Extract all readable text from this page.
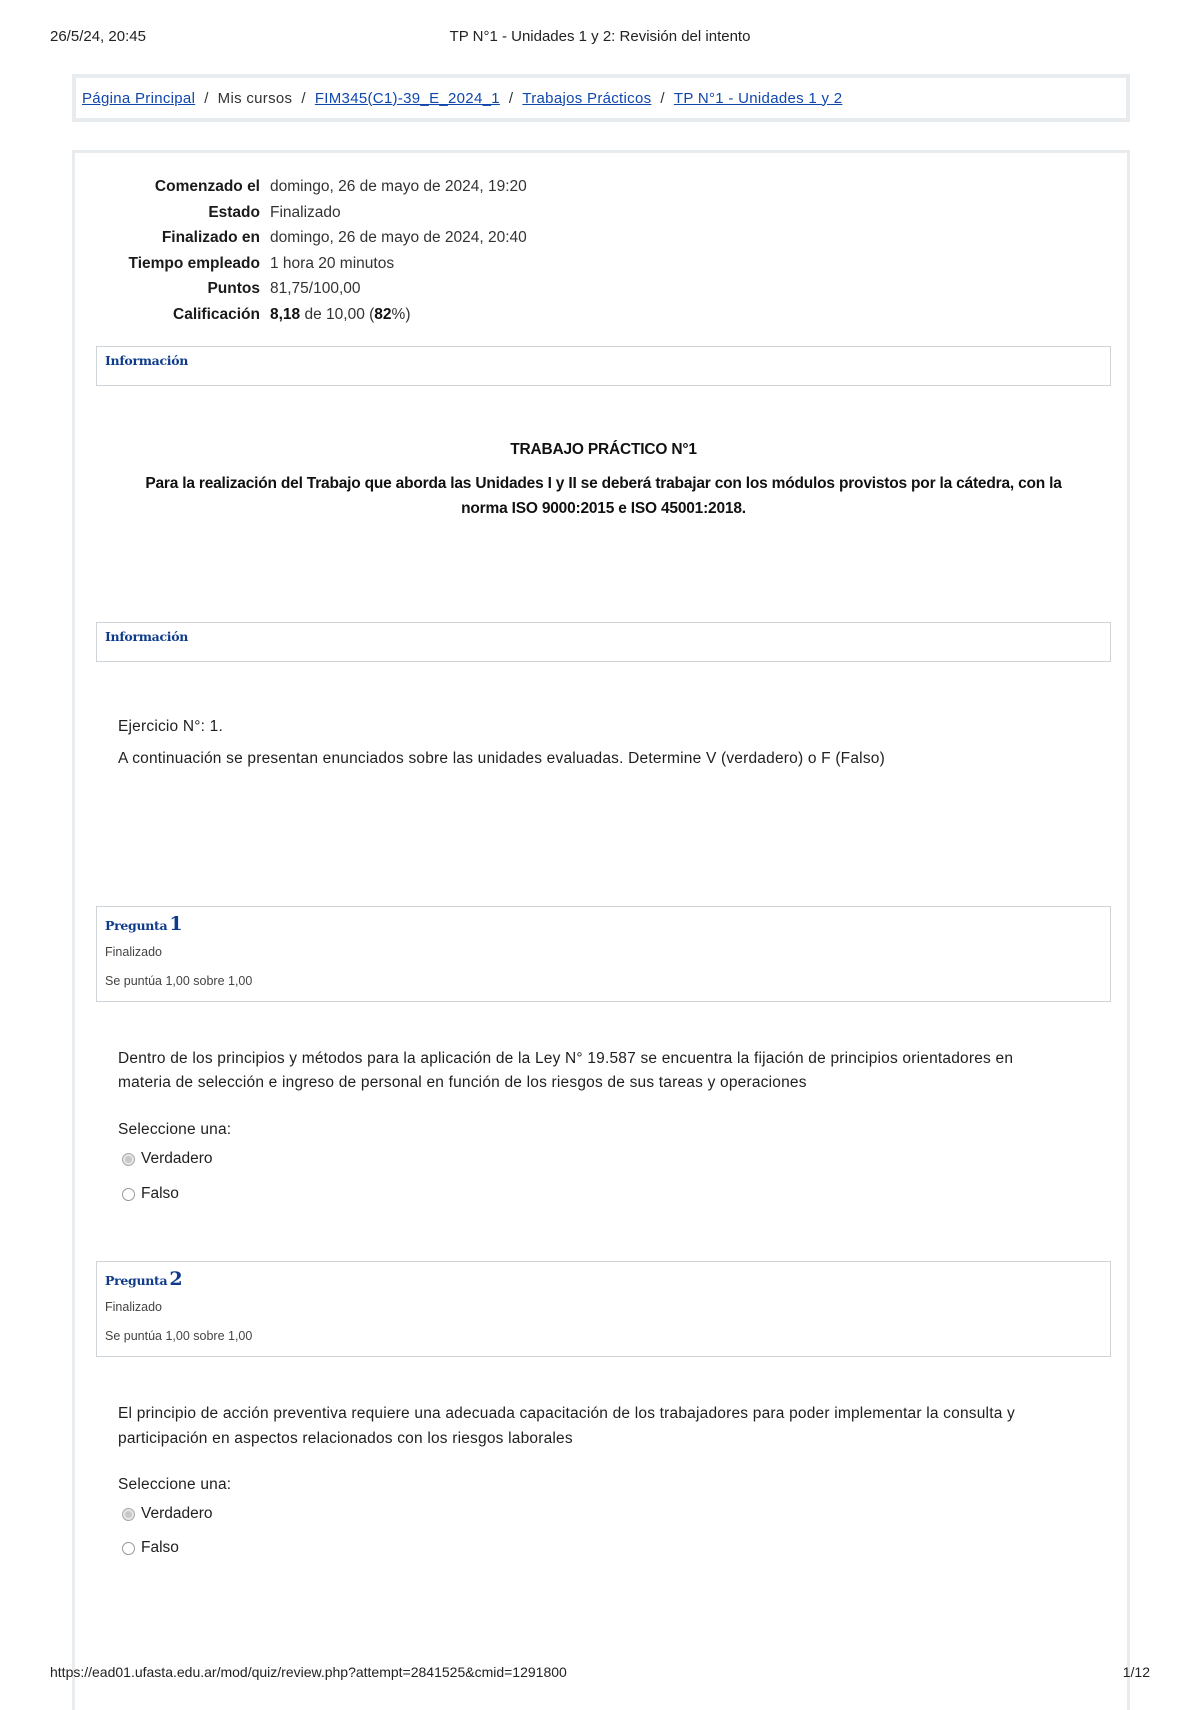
26/5/24, 20:45	TP N°1 - Unidades 1 y 2: Revisión del intento
Página Principal / Mis cursos / FIM345(C1)-39_E_2024_1 / Trabajos Prácticos / TP N°1 - Unidades 1 y 2
Comenzado el domingo, 26 de mayo de 2024, 19:20
Estado Finalizado
Finalizado en domingo, 26 de mayo de 2024, 20:40
Tiempo empleado 1 hora 20 minutos
Puntos 81,75/100,00
Calificación 8,18 de 10,00 (82%)
Información
TRABAJO PRÁCTICO N°1
Para la realización del Trabajo que aborda las Unidades I y II se deberá trabajar con los módulos provistos por la cátedra, con la
norma ISO 9000:2015 e ISO 45001:2018.
Información
Ejercicio N°: 1.
A continuación se presentan enunciados sobre las unidades evaluadas. Determine V (verdadero) o F (Falso)
Pregunta 1
Finalizado
Se puntúa 1,00 sobre 1,00
Dentro de los principios y métodos para la aplicación de la Ley N° 19.587 se encuentra la fijación de principios orientadores en
materia de selección e ingreso de personal en función de los riesgos de sus tareas y operaciones
Seleccione una:
Verdadero
Falso
Pregunta 2
Finalizado
Se puntúa 1,00 sobre 1,00
El principio de acción preventiva requiere una adecuada capacitación de los trabajadores para poder implementar la consulta y
participación en aspectos relacionados con los riesgos laborales
Seleccione una:
Verdadero
Falso
https://ead01.ufasta.edu.ar/mod/quiz/review.php?attempt=2841525&cmid=1291800	1/12
